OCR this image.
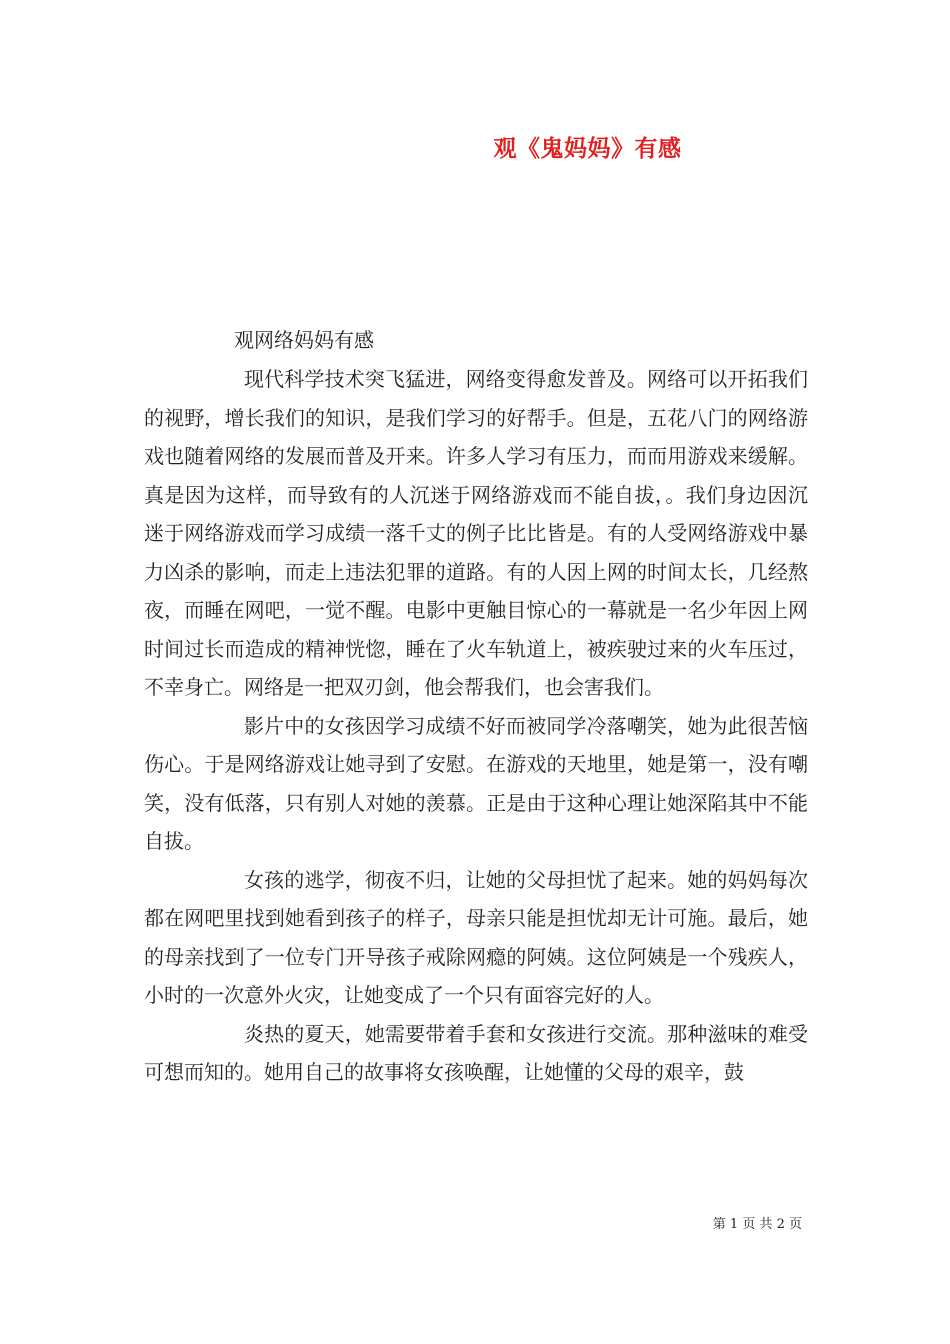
观《鬼妈妈》有感
观网络妈妈有感

现代科学技术突飞猛进，网络变得愈发普及。网络可以开拓我们的视野，增长我们的知识，是我们学习的好帮手。但是，五花八门的网络游戏也随着网络的发展而普及开来。许多人学习有压力，而而用游戏来缓解。真是因为这样，而导致有的人沉迷于网络游戏而不能自拔，。我们身边因沉迷于网络游戏而学习成绩一落千丈的例子比比皆是。有的人受网络游戏中暴力凶杀的影响，而走上违法犯罪的道路。有的人因上网的时间太长，几经熬夜，而睡在网吧，一觉不醒。电影中更触目惊心的一幕就是一名少年因上网时间过长而造成的精神恍惚，睡在了火车轨道上，被疾驶过来的火车压过，不幸身亡。网络是一把双刃剑，他会帮我们，也会害我们。

影片中的女孩因学习成绩不好而被同学冷落嘲笑，她为此很苦恼伤心。于是网络游戏让她寻到了安慰。在游戏的天地里，她是第一，没有嘲笑，没有低落，只有别人对她的羡慕。正是由于这种心理让她深陷其中不能自拔。

女孩的逃学，彻夜不归，让她的父母担忧了起来。她的妈妈每次都在网吧里找到她看到孩子的样子，母亲只能是担忧却无计可施。最后，她的母亲找到了一位专门开导孩子戒除网瘾的阿姨。这位阿姨是一个残疾人，小时的一次意外火灾，让她变成了一个只有面容完好的人。

炎热的夏天，她需要带着手套和女孩进行交流。那种滋味的难受可想而知的。她用自己的故事将女孩唤醒，让她懂的父母的艰辛，鼓

第 1 页 共 2 页
